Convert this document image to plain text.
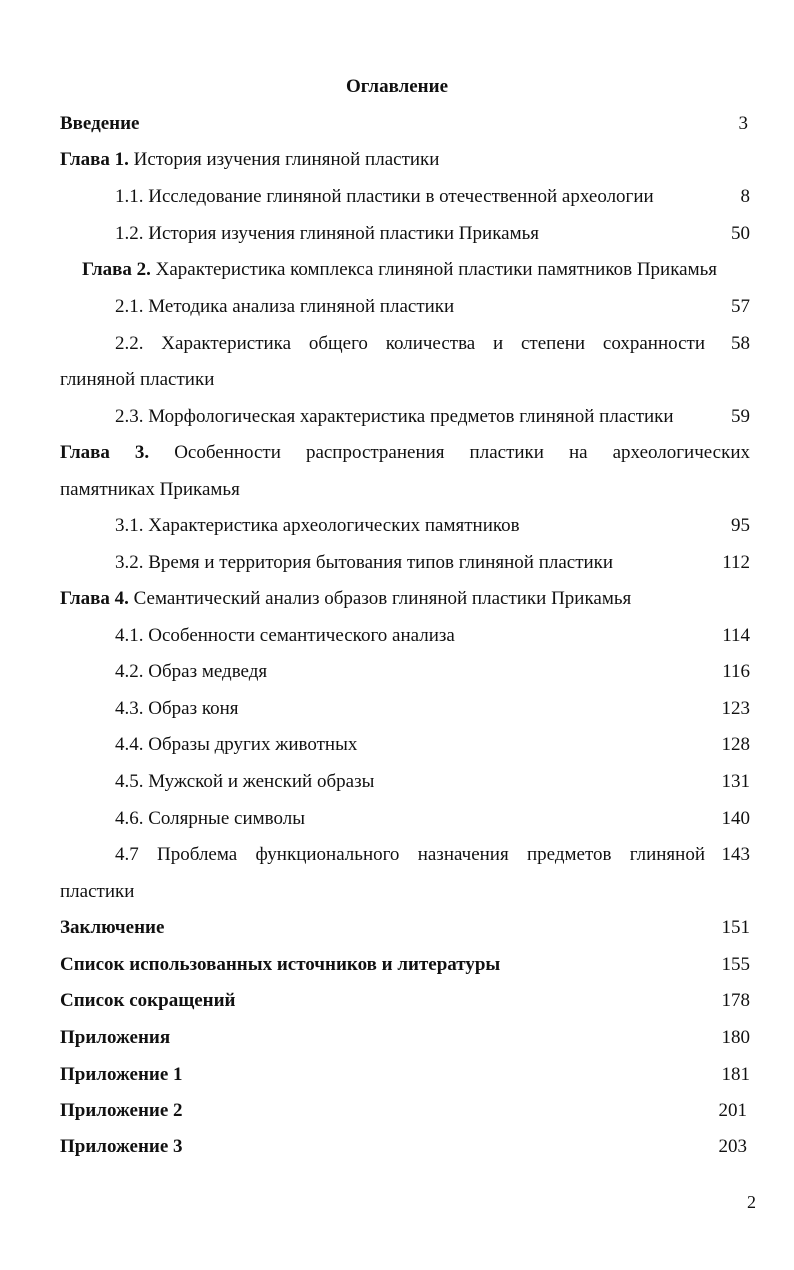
Оглавление
Введение	3
Глава 1. История изучения глиняной пластики
1.1. Исследование глиняной пластики в отечественной археологии	8
1.2. История изучения глиняной пластики Прикамья	50
Глава 2. Характеристика комплекса глиняной пластики памятников Прикамья
2.1. Методика анализа глиняной пластики	57
2.2. Характеристика общего количества и степени сохранности 58
глиняной пластики
2.3. Морфологическая характеристика предметов глиняной пластики	59
Глава 3. Особенности распространения пластики на археологических
памятниках Прикамья
3.1. Характеристика археологических памятников	95
3.2. Время и территория бытования типов глиняной пластики	112
Глава 4. Семантический анализ образов глиняной пластики Прикамья
4.1. Особенности семантического анализа	114
4.2. Образ медведя	116
4.3. Образ коня	123
4.4. Образы других животных	128
4.5. Мужской и женский образы	131
4.6. Солярные символы	140
4.7 Проблема функционального назначения предметов глиняной 143
пластики
Заключение	151
Список использованных источников и литературы	155
Список сокращений	178
Приложения	180
Приложение 1	181
Приложение 2	201
Приложение 3	203
2
